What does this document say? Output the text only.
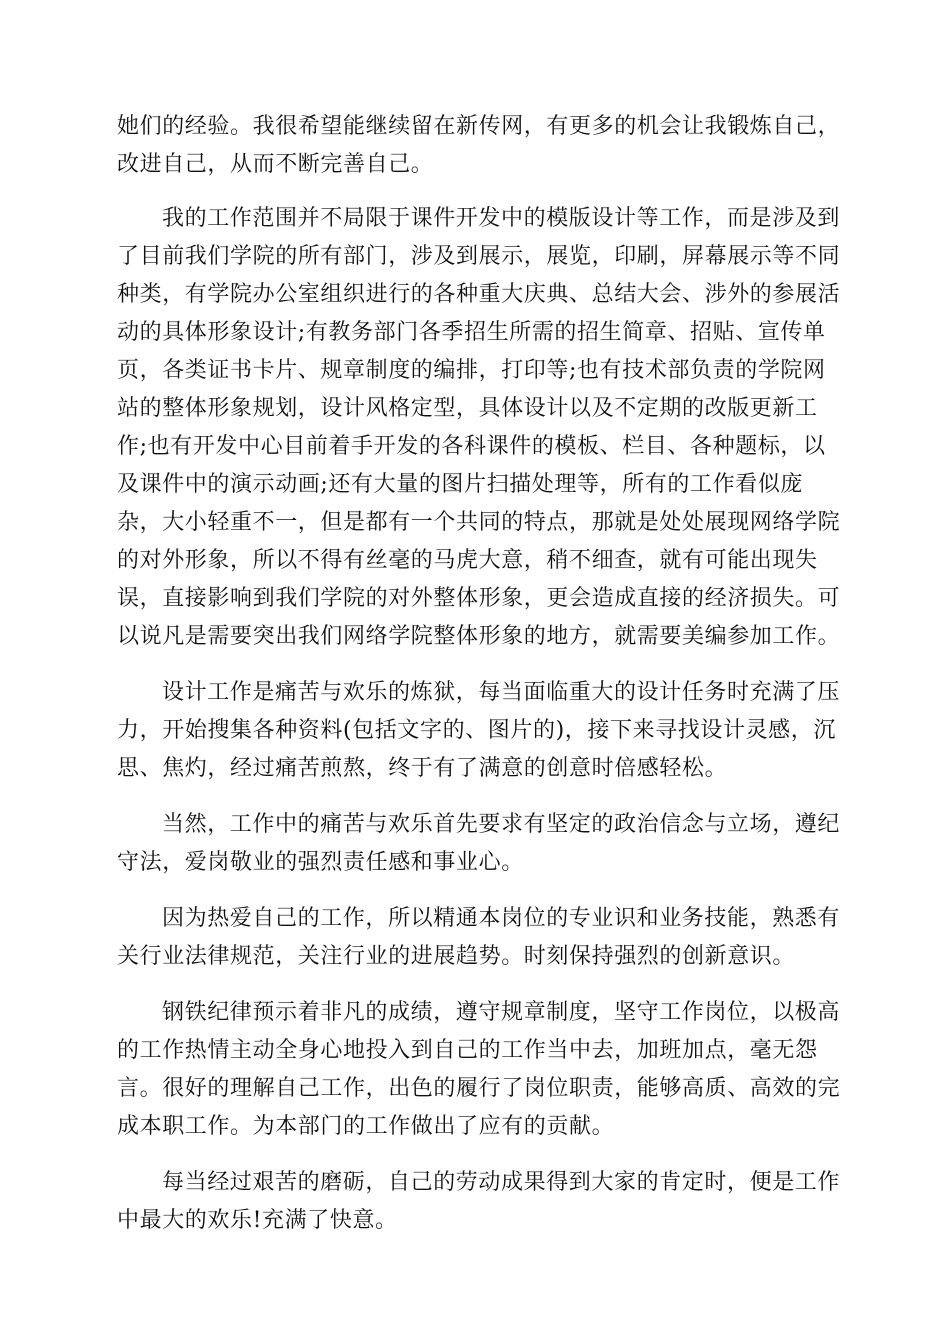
她们的经验。我很希望能继续留在新传网，有更多的机会让我锻炼自己，
改进自己，从而不断完善自己。
我的工作范围并不局限于课件开发中的模版设计等工作，而是涉及到
了目前我们学院的所有部门，涉及到展示，展览，印刷，屏幕展示等不同
种类，有学院办公室组织进行的各种重大庆典、总结大会、涉外的参展活
动的具体形象设计;有教务部门各季招生所需的招生简章、招贴、宣传单
页，各类证书卡片、规章制度的编排，打印等;也有技术部负责的学院网
站的整体形象规划，设计风格定型，具体设计以及不定期的改版更新工
作;也有开发中心目前着手开发的各科课件的模板、栏目、各种题标，以
及课件中的演示动画;还有大量的图片扫描处理等，所有的工作看似庞
杂，大小轻重不一，但是都有一个共同的特点，那就是处处展现网络学院
的对外形象，所以不得有丝毫的马虎大意，稍不细查，就有可能出现失
误，直接影响到我们学院的对外整体形象，更会造成直接的经济损失。可
以说凡是需要突出我们网络学院整体形象的地方，就需要美编参加工作。
设计工作是痛苦与欢乐的炼狱，每当面临重大的设计任务时充满了压
力，开始搜集各种资料(包括文字的、图片的)，接下来寻找设计灵感，沉
思、焦灼，经过痛苦煎熬，终于有了满意的创意时倍感轻松。
当然，工作中的痛苦与欢乐首先要求有坚定的政治信念与立场，遵纪
守法，爱岗敬业的强烈责任感和事业心。
因为热爱自己的工作，所以精通本岗位的专业识和业务技能，熟悉有
关行业法律规范，关注行业的进展趋势。时刻保持强烈的创新意识。
钢铁纪律预示着非凡的成绩，遵守规章制度，坚守工作岗位，以极高
的工作热情主动全身心地投入到自己的工作当中去，加班加点，毫无怨
言。很好的理解自己工作，出色的履行了岗位职责，能够高质、高效的完
成本职工作。为本部门的工作做出了应有的贡献。
每当经过艰苦的磨砺，自己的劳动成果得到大家的肯定时，便是工作
中最大的欢乐!充满了快意。
